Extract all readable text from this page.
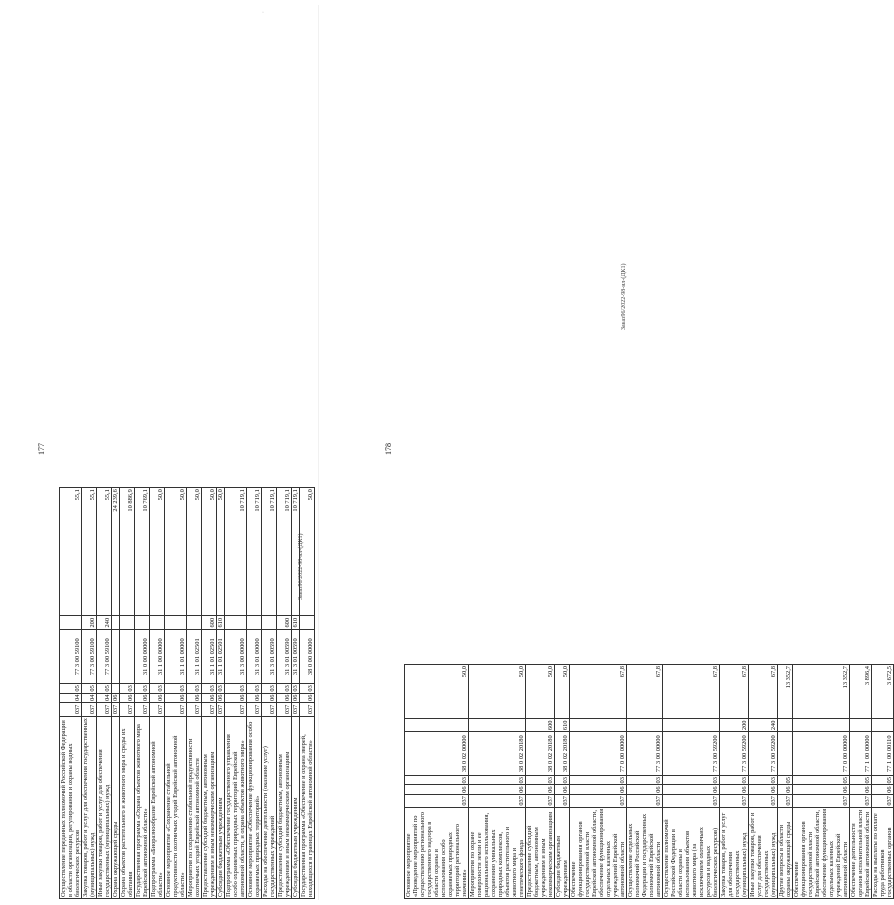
·
177
Заказ96/2022-98-ил-(ДК1)
Осуществление переданных полномочий Российской Федерации в области организации, регулирования и охраны водных биологических ресурсов	037	04	05	77 3 00 59100		55,1
Закупка товаров, работ и услуг для обеспечения государственных (муниципальных) нужд	037	04	05	77 3 00 59100	200	55,1
Иные закупки товаров, работ и услуг для обеспечения государственных (муниципальных) нужд	037	04	05	77 3 00 59100	240	55,1
Охрана окружающей среды	037	06				24 239,6
Охрана объектов растительного и животного мира и среды их обитания	037	06	03			10 886,9
Государственная программа «Охрана объектов животного мира Еврейской автономной области»	037	06	03	31 0 00 00000		10 769,1
Подпрограмма «Биоразнообразие Еврейской автономной области»	037	06	03	31 1 00 00000		50,0
Основное мероприятие «Сохранение стабильной продуктивности охотничьих угодий Еврейской автономной области»	037	06	03	31 1 01 00000		50,0
Мероприятия по сохранению стабильной продуктивности охотничьих угодий Еврейской автономной области	037	06	03	31 1 01 02501		50,0
Предоставление субсидий бюджетным, автономным учреждениям и иным некоммерческим организациям	037	06	03	31 1 01 02501	600	50,0
Субсидии бюджетным учреждениям	037	06	03	31 1 01 02501	610	50,0
Подпрограмма «Обеспечение государственного управления особо охраняемых природных территорий Еврейской автономной области, и охрана объектов животного мира»	037	06	03	31 3 00 00000		10 719,1
Основное мероприятие «Обеспечение функционирования особо охраняемых природных территорий»	037	06	03	31 3 01 00000		10 719,1
Расходы на обеспечение деятельности (оказание услуг) государственных учреждений	037	06	03	31 3 01 00590		10 719,1
Предоставление субсидий бюджетным, автономным учреждениям и иным некоммерческим организациям	037	06	03	31 3 01 00590	600	10 719,1
Субсидии бюджетным учреждениям	037	06	03	31 3 01 00590	610	10 719,1
Государственная программа «Обеспечение и охрана зверей, находящихся в границах Еврейской автономной области»	037	06	03	38 0 00 00000		50,0
178
Заказ96/2022-98-ил-(ДК1)
Основное мероприятие «Проведение мероприятий по осуществлению регионального государственного надзора в области охраны и использования особо охраняемых природных территорий регионального значения»	037	06	03	38 0 02 00000		50,0
Мероприятия по охране поверхности земли и ее рационального использования, сохранению уникальных природных комплексов, объектов растительного и животного мира и генетического фонда	037	06	03	38 0 02 20180		50,0
Предоставление субсидий бюджетным, автономным учреждениям и иным некоммерческим организациям	037	06	03	38 0 02 20180	600	50,0
Субсидии бюджетным учреждениям	037	06	03	38 0 02 20180	610	50,0
Обеспечение функционирования органов государственной власти Еврейской автономной области, обеспечение функционирования отдельных казенных учреждений Еврейской автономной области	037	06	03	77 0 00 00000		67,8
Осуществление отдельных полномочий Российской Федерации и государственных полномочий Еврейской автономной области	037	06	03	77 3 00 00000		67,8
Осуществление полномочий Российской Федерации в области охраны и использования объектов животного мира (за исключением охотничьих ресурсов и водных биологических ресурсов)	037	06	03	77 3 00 59200		67,8
Закупка товаров, работ и услуг для обеспечения государственных (муниципальных) нужд	037	06	03	77 3 00 59200	200	67,8
Иные закупки товаров, работ и услуг для обеспечения государственных (муниципальных) нужд	037	06	03	77 3 00 59200	240	67,8
Другие вопросы в области охраны окружающей среды	037	06	05			13 352,7
Обеспечение функционирования органов государственной власти Еврейской автономной области, обеспечение функционирования отдельных казенных учреждений Еврейской автономной области	037	06	05	77 0 00 00000		13 352,7
Обеспечение деятельности органов исполнительной власти Еврейской автономной области	037	06	05	77 1 00 00000		3 896,4
Расходы на выплаты по оплате труда работников государственных органов	037	06	05	77 1 00 00110		3 672,5
